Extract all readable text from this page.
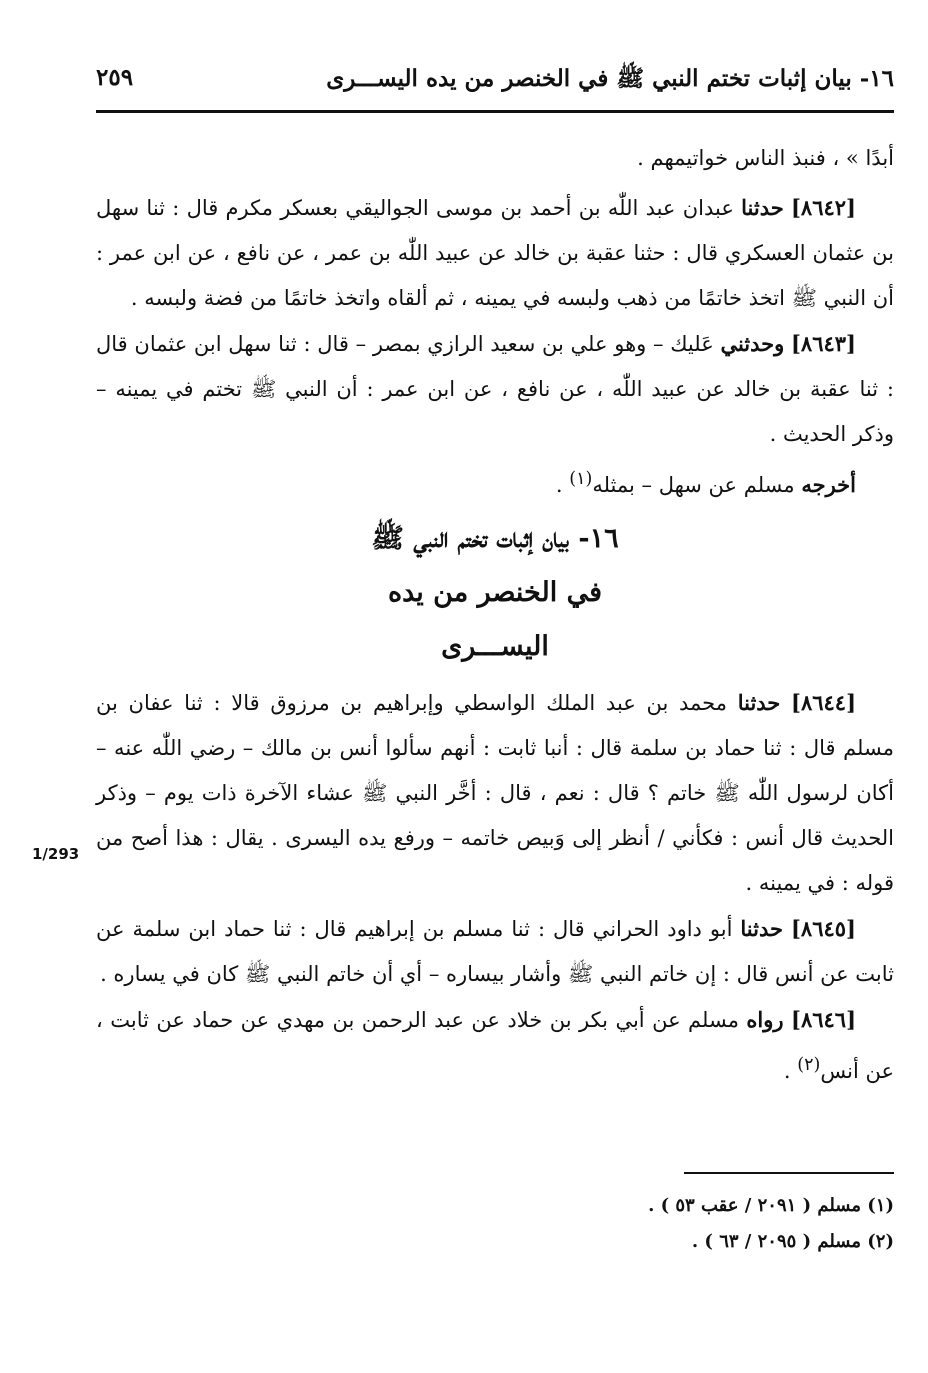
١٦- بيان إثبات تختم النبي ﷺ في الخنصر من يده اليســـرى
٢٥٩

أبدًا » ، فنبذ الناس خواتيمهم .

[٨٦٤٢] حدثنا عبدان عبد اللّٰه بن أحمد بن موسى الجواليقي بعسكر مكرم قال : ثنا سهل بن عثمان العسكري قال : حثنا عقبة بن خالد عن عبيد اللّٰه بن عمر ، عن نافع ، عن ابن عمر : أن النبي ﷺ اتخذ خاتمًا من ذهب ولبسه في يمينه ، ثم ألقاه واتخذ خاتمًا من فضة ولبسه .

[٨٦٤٣] وحدثني عَليك – وهو علي بن سعيد الرازي بمصر – قال : ثنا سهل ابن عثمان قال : ثنا عقبة بن خالد عن عبيد اللّٰه ، عن نافع ، عن ابن عمر : أن النبي ﷺ تختم في يمينه – وذكر الحديث .

أخرجه مسلم عن سهل – بمثله$^{(١)}$ .

١٦- بيان إثبات تختم النبي ﷺ

في الخنصر من يده

اليســـرى

[٨٦٤٤] حدثنا محمد بن عبد الملك الواسطي وإبراهيم بن مرزوق قالا : ثنا عفان بن مسلم قال : ثنا حماد بن سلمة قال : أنبا ثابت : أنهم سألوا أنس بن مالك – رضي اللّٰه عنه – أكان لرسول اللّٰه ﷺ خاتم ؟ قال : نعم ، قال : أخَّر النبي ﷺ عشاء الآخرة ذات يوم – وذكر الحديث قال أنس : فكأني / أنظر إلى وَبيص خاتمه – ورفع يده اليسرى . يقال : هذا أصح من قوله : في يمينه .

[٨٦٤٥] حدثنا أبو داود الحراني قال : ثنا مسلم بن إبراهيم قال : ثنا حماد ابن سلمة عن ثابت عن أنس قال : إن خاتم النبي ﷺ وأشار بيساره – أي أن خاتم النبي ﷺ كان في يساره .

[٨٦٤٦] رواه مسلم عن أبي بكر بن خلاد عن عبد الرحمن بن مهدي عن حماد عن ثابت ، عن أنس$^{(٢)}$ .

1/293

(١) مسلم ( ٢٠٩١ / عقب ٥٣ ) .

(٢) مسلم ( ٢٠٩٥ / ٦٣ ) .
